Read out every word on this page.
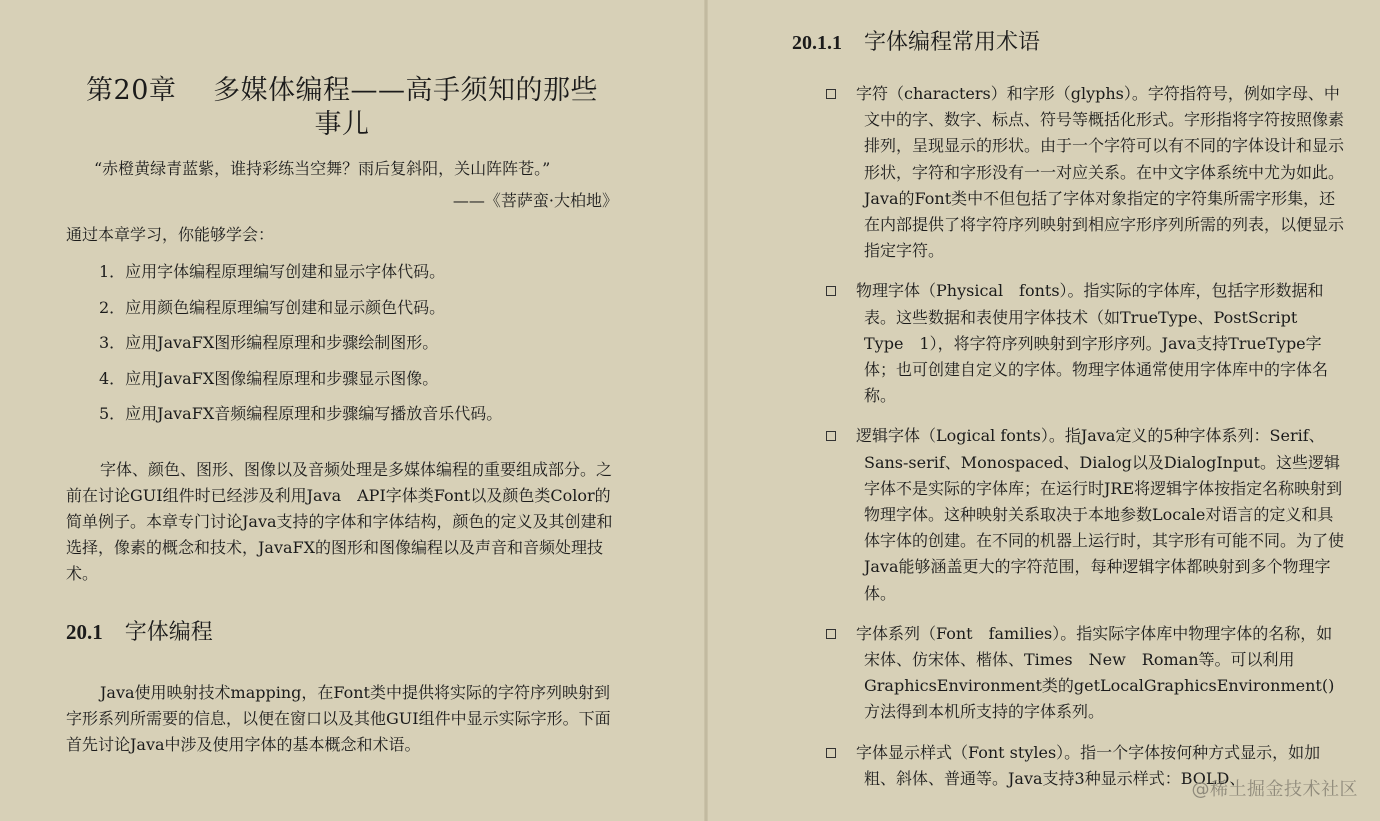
第20章　 多媒体编程——高手须知的那些
事儿

“赤橙黄绿青蓝紫，谁持彩练当空舞？雨后复斜阳，关山阵阵苍。”

——《菩萨蛮·大柏地》

通过本章学习，你能够学会：

1．应用字体编程原理编写创建和显示字体代码。
2．应用颜色编程原理编写创建和显示颜色代码。
3．应用JavaFX图形编程原理和步骤绘制图形。
4．应用JavaFX图像编程原理和步骤显示图像。
5．应用JavaFX音频编程原理和步骤编写播放音乐代码。

字体、颜色、图形、图像以及音频处理是多媒体编程的重要组成部分。之前在讨论GUI组件时已经涉及利用Java　API字体类Font以及颜色类Color的简单例子。本章专门讨论Java支持的字体和字体结构，颜色的定义及其创建和选择，像素的概念和技术，JavaFX的图形和图像编程以及声音和音频处理技术。

20.1 字体编程

Java使用映射技术mapping，在Font类中提供将实际的字符序列映射到字形系列所需要的信息，以便在窗口以及其他GUI组件中显示实际字形。下面首先讨论Java中涉及使用字体的基本概念和术语。

20.1.1 字体编程常用术语
字符（characters）和字形（glyphs）。字符指符号，例如字母、中文中的字、数字、标点、符号等概括化形式。字形指将字符按照像素排列，呈现显示的形状。由于一个字符可以有不同的字体设计和显示形状，字符和字形没有一一对应关系。在中文字体系统中尤为如此。Java的Font类中不但包括了字体对象指定的字符集所需字形集，还在内部提供了将字符序列映射到相应字形序列所需的列表，以便显示指定字符。
物理字体（Physical　fonts）。指实际的字体库，包括字形数据和表。这些数据和表使用字体技术（如TrueType、PostScript　Type　1），将字符序列映射到字形序列。Java支持TrueType字体；也可创建自定义的字体。物理字体通常使用字体库中的字体名称。
逻辑字体（Logical fonts）。指Java定义的5种字体系列：Serif、Sans-serif、Monospaced、Dialog以及DialogInput。这些逻辑字体不是实际的字体库；在运行时JRE将逻辑字体按指定名称映射到物理字体。这种映射关系取决于本地参数Locale对语言的定义和具体字体的创建。在不同的机器上运行时，其字形有可能不同。为了使Java能够涵盖更大的字符范围，每种逻辑字体都映射到多个物理字体。
字体系列（Font　families）。指实际字体库中物理字体的名称，如宋体、仿宋体、楷体、Times　New　Roman等。可以利用GraphicsEnvironment类的getLocalGraphicsEnvironment()方法得到本机所支持的字体系列。
字体显示样式（Font styles）。指一个字体按何种方式显示，如加粗、斜体、普通等。Java支持3种显示样式：BOLD、
@稀土掘金技术社区
